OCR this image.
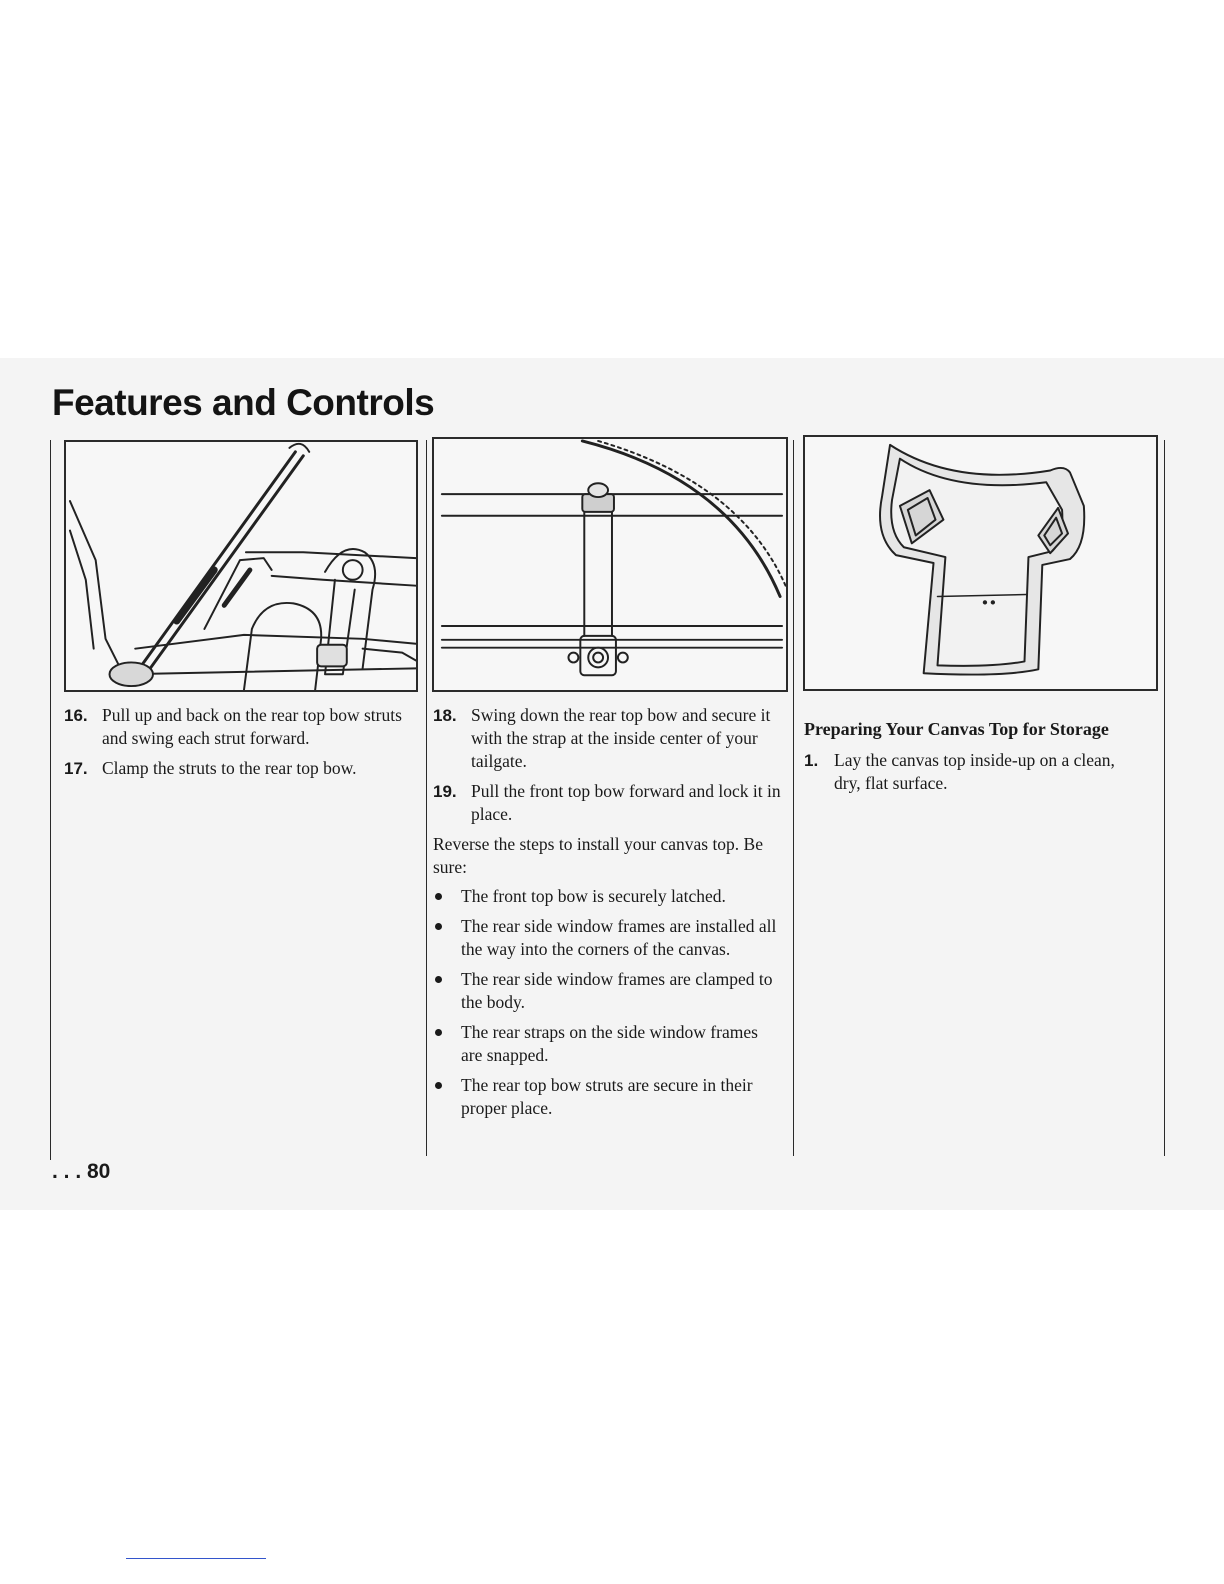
Features and Controls
16. Pull up and back on the rear top bow struts and swing each strut forward.
17. Clamp the struts to the rear top bow.
18. Swing down the rear top bow and secure it with the strap at the inside center of your tailgate.
19. Pull the front top bow forward and lock it in place.

Reverse the steps to install your canvas top. Be sure:

The front top bow is securely latched.
The rear side window frames are installed all the way into the corners of the canvas.
The rear side window frames are clamped to the body.
The rear straps on the side window frames are snapped.
The rear top bow struts are secure in their proper place.
Preparing Your Canvas Top for Storage
1. Lay the canvas top inside-up on a clean, dry, flat surface.
. . . 80
